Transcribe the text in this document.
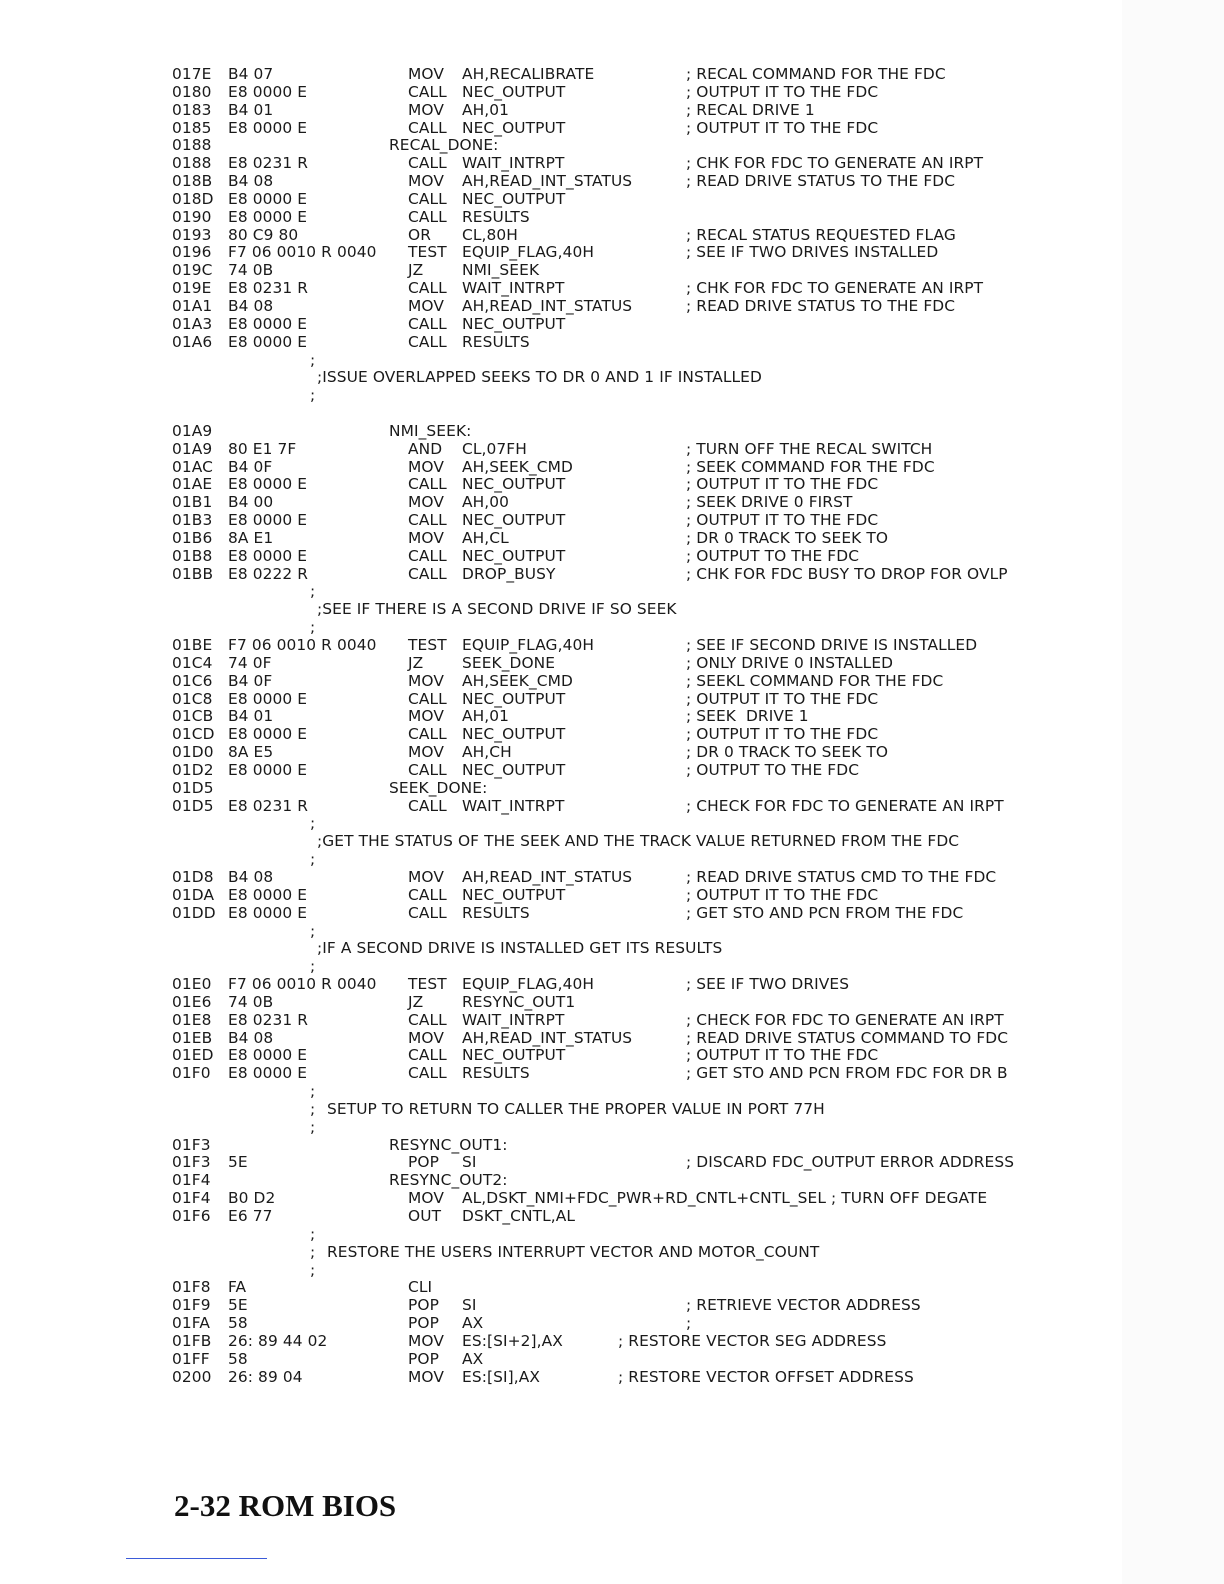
017E B4 07	MOV AH,RECALIBRATE	; RECAL COMMAND FOR THE FDC
0180 E8 0000 E	CALL NEC_OUTPUT	; OUTPUT IT TO THE FDC
0183 B4 01	MOV AH,01	; RECAL DRIVE 1
0185 E8 0000 E	CALL NEC_OUTPUT	; OUTPUT IT TO THE FDC
0188	RECAL_DONE:
0188 E8 0231 R	CALL WAIT_INTRPT	; CHK FOR FDC TO GENERATE AN IRPT
018B B4 08	MOV AH,READ_INT_STATUS	; READ DRIVE STATUS TO THE FDC
018D E8 0000 E	CALL NEC_OUTPUT
0190 E8 0000 E	CALL RESULTS
0193 80 C9 80	OR CL,80H	; RECAL STATUS REQUESTED FLAG
0196 F7 06 0010 R 0040 TEST EQUIP_FLAG,40H	; SEE IF TWO DRIVES INSTALLED
019C 74 0B	JZ	NMI_SEEK
019E E8 0231 R	CALL WAIT_INTRPT	; CHK FOR FDC TO GENERATE AN IRPT
01A1 B4 08	MOV AH,READ_INT_STATUS	; READ DRIVE STATUS TO THE FDC
01A3 E8 0000 E	CALL NEC_OUTPUT
01A6 E8 0000 E	CALL RESULTS
;
;ISSUE OVERLAPPED SEEKS TO DR 0 AND 1 IF INSTALLED
;
01A9	NMI_SEEK:
01A9 80 E1 7F	AND CL,07FH	; TURN OFF THE RECAL SWITCH
01AC B4 0F	MOV AH,SEEK_CMD	; SEEK COMMAND FOR THE FDC
01AE E8 0000 E	CALL NEC_OUTPUT	; OUTPUT IT TO THE FDC
01B1 B4 00	MOV AH,00	; SEEK DRIVE 0 FIRST
01B3 E8 0000 E	CALL NEC_OUTPUT	; OUTPUT IT TO THE FDC
01B6 8A E1	MOV AH,CL	; DR 0 TRACK TO SEEK TO
01B8 E8 0000 E	CALL NEC_OUTPUT	; OUTPUT TO THE FDC
01BB E8 0222 R	CALL DROP_BUSY	; CHK FOR FDC BUSY TO DROP FOR OVLP
;
;SEE IF THERE IS A SECOND DRIVE IF SO SEEK
;
01BE F7 06 0010 R 0040 TEST EQUIP_FLAG,40H	; SEE IF SECOND DRIVE IS INSTALLED
01C4 74 0F	JZ	SEEK_DONE	; ONLY DRIVE 0 INSTALLED
01C6 B4 0F	MOV AH,SEEK_CMD	; SEEKL COMMAND FOR THE FDC
01C8 E8 0000 E	CALL NEC_OUTPUT	; OUTPUT IT TO THE FDC
01CB B4 01	MOV AH,01	; SEEK  DRIVE 1
01CD E8 0000 E	CALL NEC_OUTPUT	; OUTPUT IT TO THE FDC
01D0 8A E5	MOV AH,CH	; DR 0 TRACK TO SEEK TO
01D2 E8 0000 E	CALL NEC_OUTPUT	; OUTPUT TO THE FDC
01D5	SEEK_DONE:
01D5 E8 0231 R	CALL WAIT_INTRPT	; CHECK FOR FDC TO GENERATE AN IRPT
;
;GET THE STATUS OF THE SEEK AND THE TRACK VALUE RETURNED FROM THE FDC
;
01D8 B4 08	MOV AH,READ_INT_STATUS	; READ DRIVE STATUS CMD TO THE FDC
01DA E8 0000 E	CALL NEC_OUTPUT	; OUTPUT IT TO THE FDC
01DD E8 0000 E	CALL RESULTS	; GET STO AND PCN FROM THE FDC
;
;IF A SECOND DRIVE IS INSTALLED GET ITS RESULTS
;
01E0 F7 06 0010 R 0040 TEST EQUIP_FLAG,40H	; SEE IF TWO DRIVES
01E6 74 0B	JZ	RESYNC_OUT1
01E8 E8 0231 R	CALL WAIT_INTRPT	; CHECK FOR FDC TO GENERATE AN IRPT
01EB B4 08	MOV AH,READ_INT_STATUS	; READ DRIVE STATUS COMMAND TO FDC
01ED E8 0000 E	CALL NEC_OUTPUT	; OUTPUT IT TO THE FDC
01F0 E8 0000 E	CALL RESULTS	; GET STO AND PCN FROM FDC FOR DR B
;
; SETUP TO RETURN TO CALLER THE PROPER VALUE IN PORT 77H
;
01F3	RESYNC_OUT1:
01F3 5E	POP SI	; DISCARD FDC_OUTPUT ERROR ADDRESS
01F4	RESYNC_OUT2:
01F4 B0 D2	MOV AL,DSKT_NMI+FDC_PWR+RD_CNTL+CNTL_SEL ; TURN OFF DEGATE
01F6 E6 77	OUT DSKT_CNTL,AL
;
; RESTORE THE USERS INTERRUPT VECTOR AND MOTOR_COUNT
;
01F8 FA	CLI
01F9 5E	POP SI	; RETRIEVE VECTOR ADDRESS
01FA 58	POP AX	;
01FB 26: 89 44 02	MOV ES:[SI+2],AX	; RESTORE VECTOR SEG ADDRESS
01FF 58	POP AX
0200 26: 89 04	MOV ES:[SI],AX	; RESTORE VECTOR OFFSET ADDRESS
2-32 ROM BIOS
